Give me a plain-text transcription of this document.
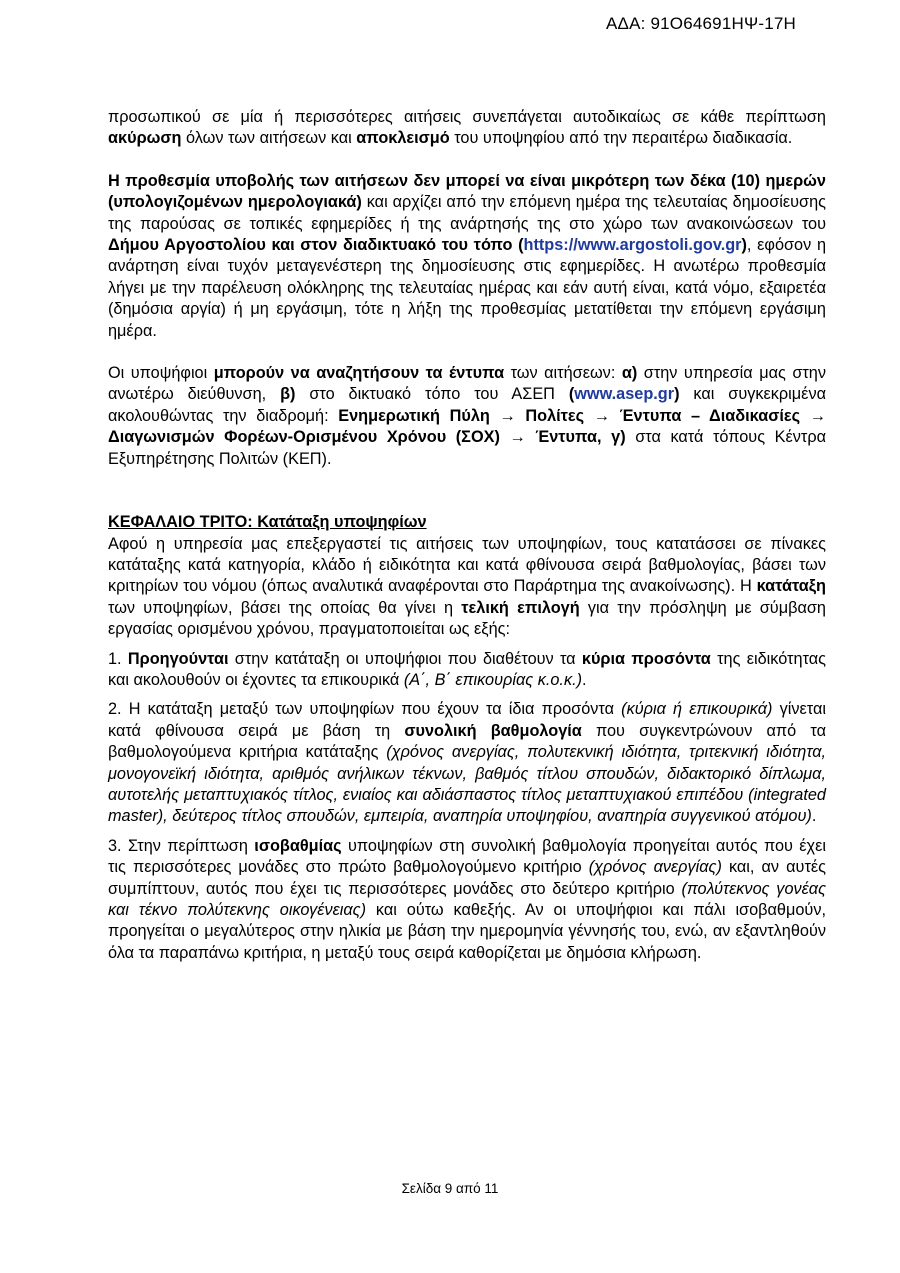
ΑΔΑ: 91Ο64691ΗΨ-17Η

προσωπικού σε μία ή περισσότερες αιτήσεις συνεπάγεται αυτοδικαίως σε κάθε περίπτωση ακύρωση όλων των αιτήσεων και αποκλεισμό του υποψηφίου από την περαιτέρω διαδικασία.

Η προθεσμία υποβολής των αιτήσεων δεν μπορεί να είναι μικρότερη των δέκα (10) ημερών (υπολογιζομένων ημερολογιακά) και αρχίζει από την επόμενη ημέρα της τελευταίας δημοσίευσης της παρούσας σε τοπικές εφημερίδες ή της ανάρτησής της στο χώρο των ανακοινώσεων του Δήμου Αργοστολίου και στον διαδικτυακό του τόπο (https://www.argostoli.gov.gr), εφόσον η ανάρτηση είναι τυχόν μεταγενέστερη της δημοσίευσης στις εφημερίδες. Η ανωτέρω προθεσμία λήγει με την παρέλευση ολόκληρης της τελευταίας ημέρας και εάν αυτή είναι, κατά νόμο, εξαιρετέα (δημόσια αργία) ή μη εργάσιμη, τότε η λήξη της προθεσμίας μετατίθεται την επόμενη εργάσιμη ημέρα.

Οι υποψήφιοι μπορούν να αναζητήσουν τα έντυπα των αιτήσεων: α) στην υπηρεσία μας στην ανωτέρω διεύθυνση, β) στο δικτυακό τόπο του ΑΣΕΠ (www.asep.gr) και συγκεκριμένα ακολουθώντας την διαδρομή: Ενημερωτική Πύλη → Πολίτες → Έντυπα – Διαδικασίες → Διαγωνισμών Φορέων-Ορισμένου Χρόνου (ΣΟΧ) → Έντυπα, γ) στα κατά τόπους Κέντρα Εξυπηρέτησης Πολιτών (ΚΕΠ).

ΚΕΦΑΛΑΙΟ ΤΡΙΤΟ: Κατάταξη υποψηφίων

Αφού η υπηρεσία μας επεξεργαστεί τις αιτήσεις των υποψηφίων, τους κατατάσσει σε πίνακες κατάταξης κατά κατηγορία, κλάδο ή ειδικότητα και κατά φθίνουσα σειρά βαθμολογίας, βάσει των κριτηρίων του νόμου (όπως αναλυτικά αναφέρονται στο Παράρτημα της ανακοίνωσης). Η κατάταξη των υποψηφίων, βάσει της οποίας θα γίνει η τελική επιλογή για την πρόσληψη με σύμβαση εργασίας ορισμένου χρόνου, πραγματοποιείται ως εξής:

1. Προηγούνται στην κατάταξη οι υποψήφιοι που διαθέτουν τα κύρια προσόντα της ειδικότητας και ακολουθούν οι έχοντες τα επικουρικά (Α΄, Β΄ επικουρίας κ.ο.κ.).

2. Η κατάταξη μεταξύ των υποψηφίων που έχουν τα ίδια προσόντα (κύρια ή επικουρικά) γίνεται κατά φθίνουσα σειρά με βάση τη συνολική βαθμολογία που συγκεντρώνουν από τα βαθμολογούμενα κριτήρια κατάταξης (χρόνος ανεργίας, πολυτεκνική ιδιότητα, τριτεκνική ιδιότητα, μονογονεϊκή ιδιότητα, αριθμός ανήλικων τέκνων, βαθμός τίτλου σπουδών, διδακτορικό δίπλωμα, αυτοτελής μεταπτυχιακός τίτλος, ενιαίος και αδιάσπαστος τίτλος μεταπτυχιακού επιπέδου (integrated master), δεύτερος τίτλος σπουδών, εμπειρία, αναπηρία υποψηφίου, αναπηρία συγγενικού ατόμου).

3. Στην περίπτωση ισοβαθμίας υποψηφίων στη συνολική βαθμολογία προηγείται αυτός που έχει τις περισσότερες μονάδες στο πρώτο βαθμολογούμενο κριτήριο (χρόνος ανεργίας) και, αν αυτές συμπίπτουν, αυτός που έχει τις περισσότερες μονάδες στο δεύτερο κριτήριο (πολύτεκνος γονέας και τέκνο πολύτεκνης οικογένειας) και ούτω καθεξής. Αν οι υποψήφιοι και πάλι ισοβαθμούν, προηγείται ο μεγαλύτερος στην ηλικία με βάση την ημερομηνία γέννησής του, ενώ, αν εξαντληθούν όλα τα παραπάνω κριτήρια, η μεταξύ τους σειρά καθορίζεται με δημόσια κλήρωση.

Σελίδα 9 από 11
